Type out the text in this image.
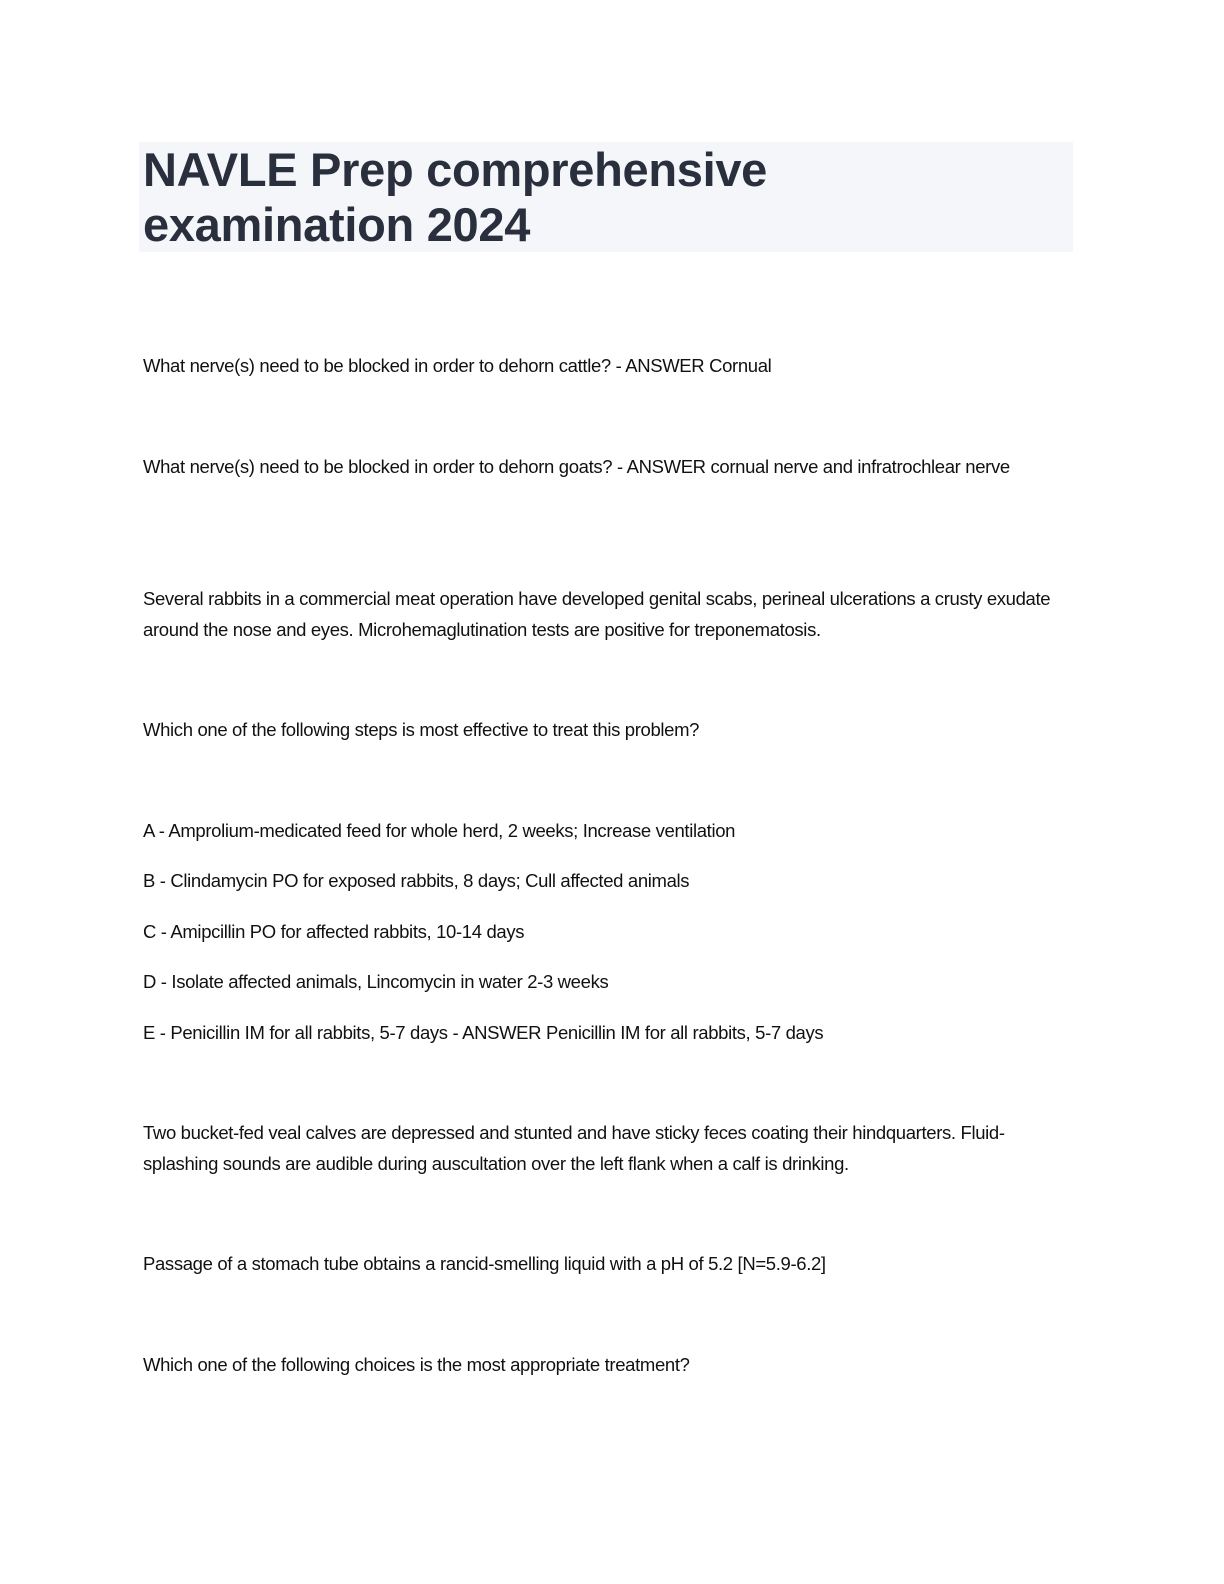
NAVLE Prep comprehensive examination 2024

What nerve(s) need to be blocked in order to dehorn cattle? - ANSWER Cornual

What nerve(s) need to be blocked in order to dehorn goats? - ANSWER cornual nerve and infratrochlear nerve

Several rabbits in a commercial meat operation have developed genital scabs, perineal ulcerations a crusty exudate around the nose and eyes. Microhemaglutination tests are positive for treponematosis.

Which one of the following steps is most effective to treat this problem?

A - Amprolium-medicated feed for whole herd, 2 weeks; Increase ventilation

B - Clindamycin PO for exposed rabbits, 8 days; Cull affected animals

C - Amipcillin PO for affected rabbits, 10-14 days

D - Isolate affected animals, Lincomycin in water 2-3 weeks

E - Penicillin IM for all rabbits, 5-7 days - ANSWER Penicillin IM for all rabbits, 5-7 days

Two bucket-fed veal calves are depressed and stunted and have sticky feces coating their hindquarters. Fluid-splashing sounds are audible during auscultation over the left flank when a calf is drinking.

Passage of a stomach tube obtains a rancid-smelling liquid with a pH of 5.2 [N=5.9-6.2]

Which one of the following choices is the most appropriate treatment?
